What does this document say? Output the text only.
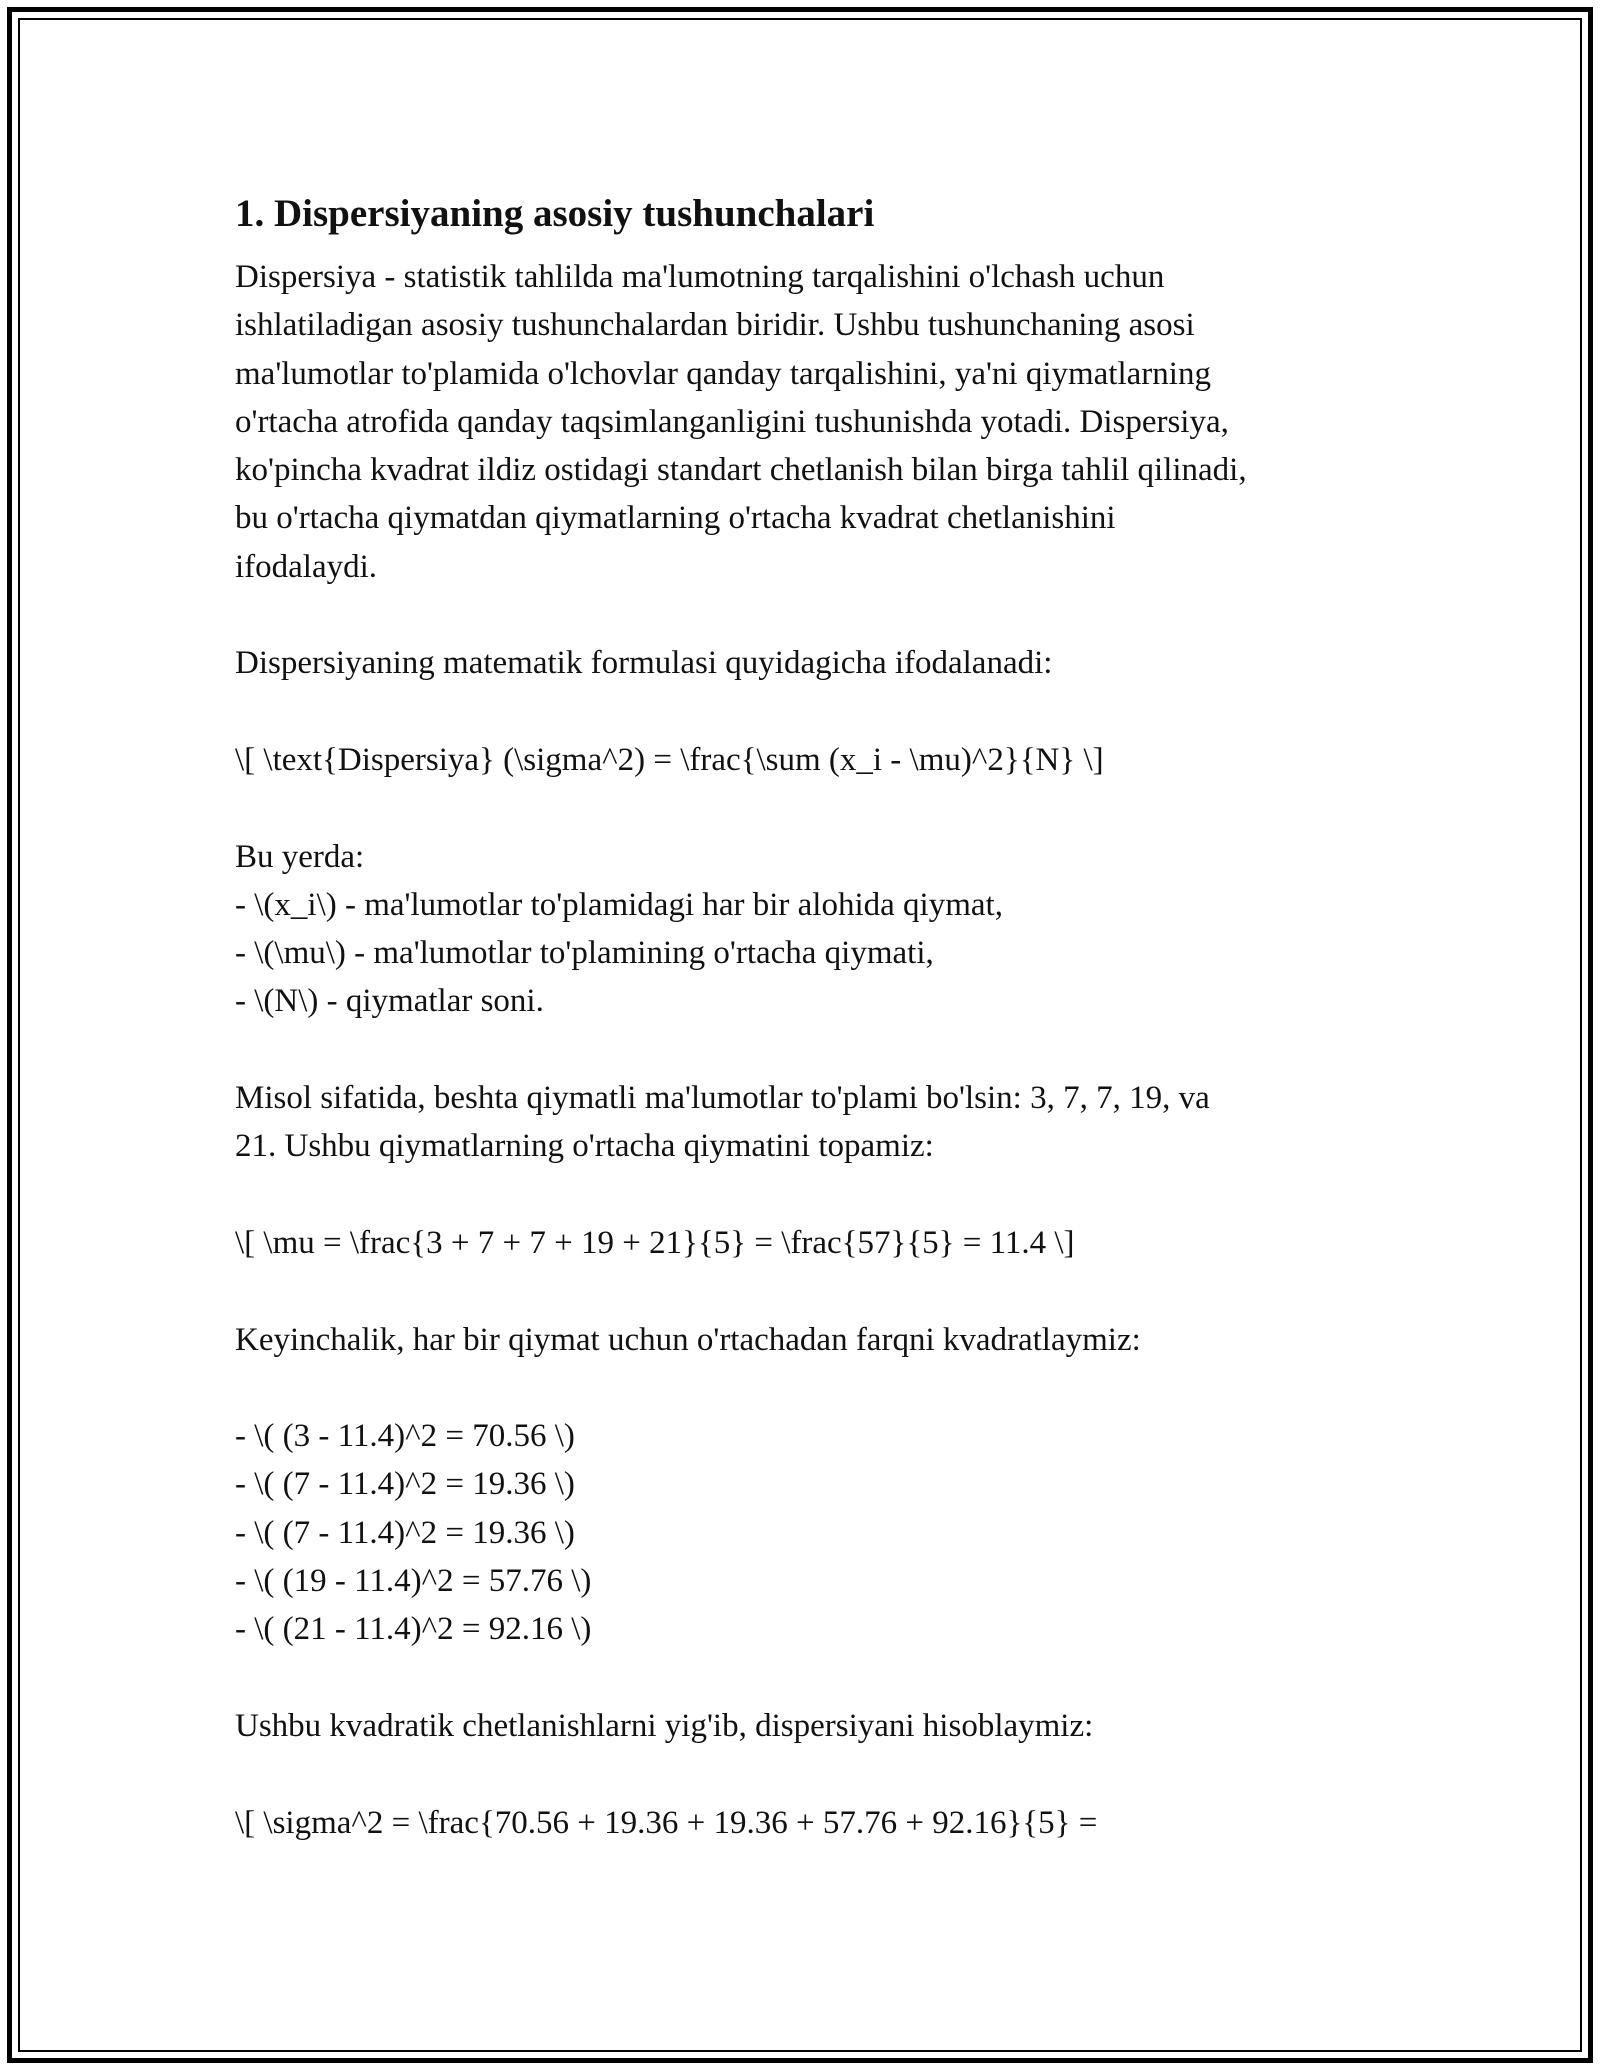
1. Dispersiyaning asosiy tushunchalari
Dispersiya - statistik tahlilda ma'lumotning tarqalishini o'lchash uchun
ishlatiladigan asosiy tushunchalardan biridir. Ushbu tushunchaning asosi
ma'lumotlar to'plamida o'lchovlar qanday tarqalishini, ya'ni qiymatlarning
o'rtacha atrofida qanday taqsimlanganligini tushunishda yotadi. Dispersiya,
ko'pincha kvadrat ildiz ostidagi standart chetlanish bilan birga tahlil qilinadi,
bu o'rtacha qiymatdan qiymatlarning o'rtacha kvadrat chetlanishini
ifodalaydi.
Dispersiyaning matematik formulasi quyidagicha ifodalanadi:
\[ \text{Dispersiya} (\sigma^2) = \frac{\sum (x_i - \mu)^2}{N} \]
Bu yerda:
- \(x_i\) - ma'lumotlar to'plamidagi har bir alohida qiymat,
- \(\mu\) - ma'lumotlar to'plamining o'rtacha qiymati,
- \(N\) - qiymatlar soni.
Misol sifatida, beshta qiymatli ma'lumotlar to'plami bo'lsin: 3, 7, 7, 19, va
21. Ushbu qiymatlarning o'rtacha qiymatini topamiz:
\[ \mu = \frac{3 + 7 + 7 + 19 + 21}{5} = \frac{57}{5} = 11.4 \]
Keyinchalik, har bir qiymat uchun o'rtachadan farqni kvadratlaymiz:
- \( (3 - 11.4)^2 = 70.56 \)
- \( (7 - 11.4)^2 = 19.36 \)
- \( (7 - 11.4)^2 = 19.36 \)
- \( (19 - 11.4)^2 = 57.76 \)
- \( (21 - 11.4)^2 = 92.16 \)
Ushbu kvadratik chetlanishlarni yig'ib, dispersiyani hisoblaymiz:
\[ \sigma^2 = \frac{70.56 + 19.36 + 19.36 + 57.76 + 92.16}{5} =
